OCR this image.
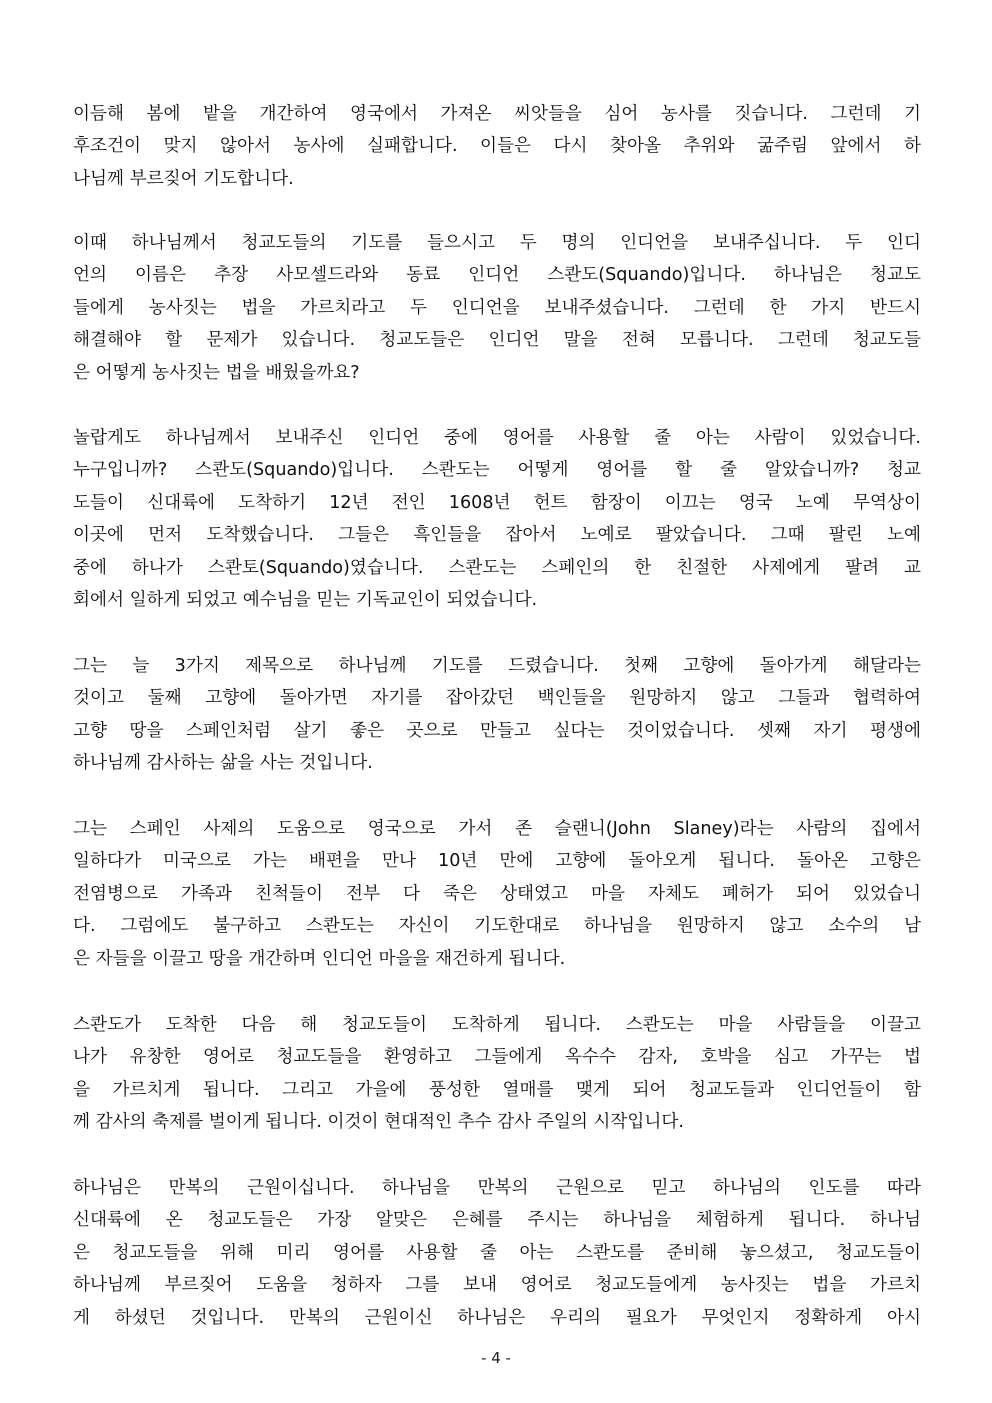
이듬해 봄에 밭을 개간하여 영국에서 가져온 씨앗들을 심어 농사를 짓습니다. 그런데 기
후조건이 맞지 않아서 농사에 실패합니다. 이들은 다시 찾아올 추위와 굶주림 앞에서 하
나님께 부르짖어 기도합니다.
이때 하나님께서 청교도들의 기도를 들으시고 두 명의 인디언을 보내주십니다. 두 인디
언의 이름은 추장 사모셀드라와 동료 인디언 스콴도(Squando)입니다. 하나님은 청교도
들에게 농사짓는 법을 가르치라고 두 인디언을 보내주셨습니다. 그런데 한 가지 반드시
해결해야 할 문제가 있습니다. 청교도들은 인디언 말을 전혀 모릅니다. 그런데 청교도들
은 어떻게 농사짓는 법을 배웠을까요?
놀랍게도 하나님께서 보내주신 인디언 중에 영어를 사용할 줄 아는 사람이 있었습니다.
누구입니까? 스콴도(Squando)입니다. 스콴도는 어떻게 영어를 할 줄 알았습니까? 청교
도들이 신대륙에 도착하기 12년 전인 1608년 헌트 함장이 이끄는 영국 노예 무역상이
이곳에 먼저 도착했습니다. 그들은 흑인들을 잡아서 노예로 팔았습니다. 그때 팔린 노예
중에 하나가 스콴토(Squando)였습니다. 스콴도는 스페인의 한 친절한 사제에게 팔려 교
회에서 일하게 되었고 예수님을 믿는 기독교인이 되었습니다.
그는 늘 3가지 제목으로 하나님께 기도를 드렸습니다. 첫째 고향에 돌아가게 해달라는
것이고 둘째 고향에 돌아가면 자기를 잡아갔던 백인들을 원망하지 않고 그들과 협력하여
고향 땅을 스페인처럼 살기 좋은 곳으로 만들고 싶다는 것이었습니다. 셋째 자기 평생에
하나님께 감사하는 삶을 사는 것입니다.
그는 스페인 사제의 도움으로 영국으로 가서 존 슬랜니(John Slaney)라는 사람의 집에서
일하다가 미국으로 가는 배편을 만나 10년 만에 고향에 돌아오게 됩니다. 돌아온 고향은
전염병으로 가족과 친척들이 전부 다 죽은 상태였고 마을 자체도 폐허가 되어 있었습니
다. 그럼에도 불구하고 스콴도는 자신이 기도한대로 하나님을 원망하지 않고 소수의 남
은 자들을 이끌고 땅을 개간하며 인디언 마을을 재건하게 됩니다.
스콴도가 도착한 다음 해 청교도들이 도착하게 됩니다. 스콴도는 마을 사람들을 이끌고
나가 유창한 영어로 청교도들을 환영하고 그들에게 옥수수 감자, 호박을 심고 가꾸는 법
을 가르치게 됩니다. 그리고 가을에 풍성한 열매를 맺게 되어 청교도들과 인디언들이 함
께 감사의 축제를 벌이게 됩니다. 이것이 현대적인 추수 감사 주일의 시작입니다.
하나님은 만복의 근원이십니다. 하나님을 만복의 근원으로 믿고 하나님의 인도를 따라
신대륙에 온 청교도들은 가장 알맞은 은혜를 주시는 하나님을 체험하게 됩니다. 하나님
은 청교도들을 위해 미리 영어를 사용할 줄 아는 스콴도를 준비해 놓으셨고, 청교도들이
하나님께 부르짖어 도움을 청하자 그를 보내 영어로 청교도들에게 농사짓는 법을 가르치
게 하셨던 것입니다. 만복의 근원이신 하나님은 우리의 필요가 무엇인지 정확하게 아시
- 4 -
